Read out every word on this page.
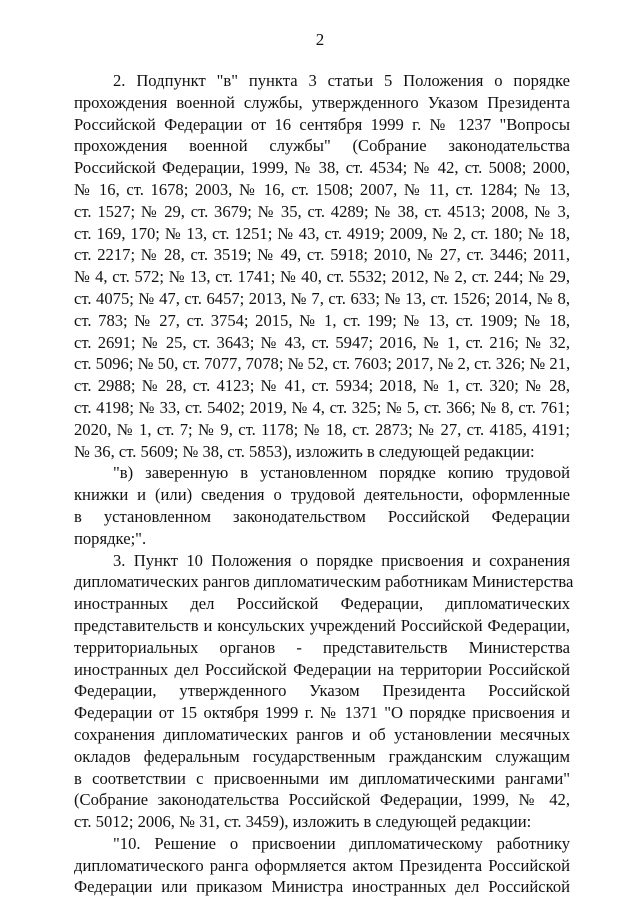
2
2. Подпункт "в" пункта 3 статьи 5 Положения о порядке
прохождения военной службы, утвержденного Указом Президента
Российской Федерации от 16 сентября 1999 г. № 1237 "Вопросы
прохождения военной службы" (Собрание законодательства
Российской Федерации, 1999, № 38, ст. 4534; № 42, ст. 5008; 2000,
№ 16, ст. 1678; 2003, № 16, ст. 1508; 2007, № 11, ст. 1284; № 13,
ст. 1527; № 29, ст. 3679; № 35, ст. 4289; № 38, ст. 4513; 2008, № 3,
ст. 169, 170; № 13, ст. 1251; № 43, ст. 4919; 2009, № 2, ст. 180; № 18,
ст. 2217; № 28, ст. 3519; № 49, ст. 5918; 2010, № 27, ст. 3446; 2011,
№ 4, ст. 572; № 13, ст. 1741; № 40, ст. 5532; 2012, № 2, ст. 244; № 29,
ст. 4075; № 47, ст. 6457; 2013, № 7, ст. 633; № 13, ст. 1526; 2014, № 8,
ст. 783; № 27, ст. 3754; 2015, № 1, ст. 199; № 13, ст. 1909; № 18,
ст. 2691; № 25, ст. 3643; № 43, ст. 5947; 2016, № 1, ст. 216; № 32,
ст. 5096; № 50, ст. 7077, 7078; № 52, ст. 7603; 2017, № 2, ст. 326; № 21,
ст. 2988; № 28, ст. 4123; № 41, ст. 5934; 2018, № 1, ст. 320; № 28,
ст. 4198; № 33, ст. 5402; 2019, № 4, ст. 325; № 5, ст. 366; № 8, ст. 761;
2020, № 1, ст. 7; № 9, ст. 1178; № 18, ст. 2873; № 27, ст. 4185, 4191;
№ 36, ст. 5609; № 38, ст. 5853), изложить в следующей редакции:
"в) заверенную в установленном порядке копию трудовой
книжки и (или) сведения о трудовой деятельности, оформленные
в установленном законодательством Российской Федерации
порядке;".
3. Пункт 10 Положения о порядке присвоения и сохранения
дипломатических рангов дипломатическим работникам Министерства
иностранных дел Российской Федерации, дипломатических
представительств и консульских учреждений Российской Федерации,
территориальных органов - представительств Министерства
иностранных дел Российской Федерации на территории Российской
Федерации, утвержденного Указом Президента Российской
Федерации от 15 октября 1999 г. № 1371 "О порядке присвоения и
сохранения дипломатических рангов и об установлении месячных
окладов федеральным государственным гражданским служащим
в соответствии с присвоенными им дипломатическими рангами"
(Собрание законодательства Российской Федерации, 1999, № 42,
ст. 5012; 2006, № 31, ст. 3459), изложить в следующей редакции:
"10. Решение о присвоении дипломатическому работнику
дипломатического ранга оформляется актом Президента Российской
Федерации или приказом Министра иностранных дел Российской
